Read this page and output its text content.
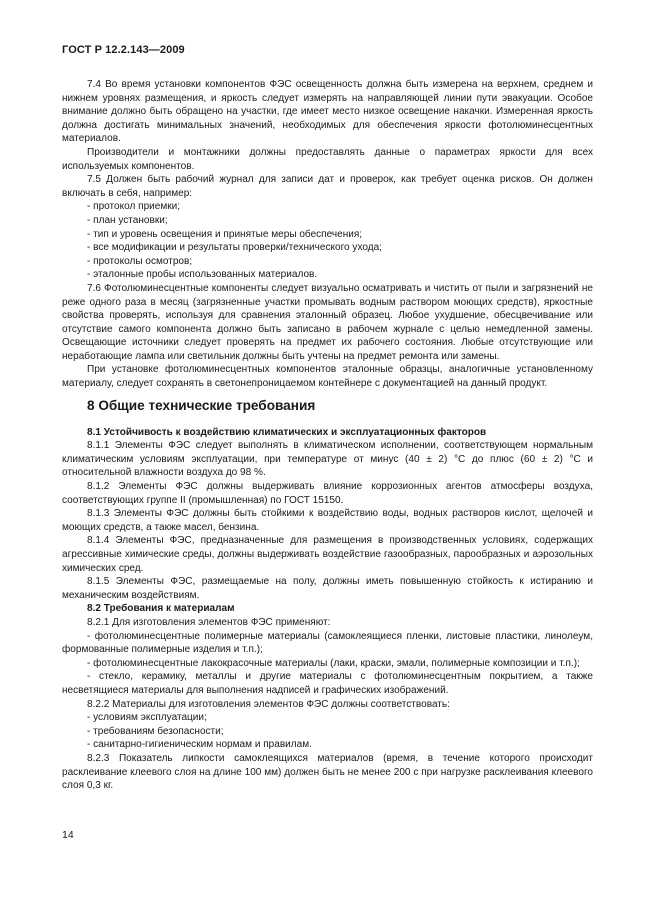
ГОСТ Р 12.2.143—2009

7.4 Во время установки компонентов ФЭС освещенность должна быть измерена на верхнем, среднем и нижнем уровнях размещения, и яркость следует измерять на направляющей линии пути эвакуации. Особое внимание должно быть обращено на участки, где имеет место низкое освещение накачки. Измеренная яркость должна достигать минимальных значений, необходимых для обеспечения яркости фотолюминесцентных материалов.

Производители и монтажники должны предоставлять данные о параметрах яркости для всех используемых компонентов.

7.5 Должен быть рабочий журнал для записи дат и проверок, как требует оценка рисков. Он должен включать в себя, например:

- протокол приемки;

- план установки;

- тип и уровень освещения и принятые меры обеспечения;

- все модификации и результаты проверки/технического ухода;

- протоколы осмотров;

- эталонные пробы использованных материалов.

7.6 Фотолюминесцентные компоненты следует визуально осматривать и чистить от пыли и загрязнений не реже одного раза в месяц (загрязненные участки промывать водным раствором моющих средств), яркостные свойства проверять, используя для сравнения эталонный образец. Любое ухудшение, обесцвечивание или отсутствие самого компонента должно быть записано в рабочем журнале с целью немедленной замены. Освещающие источники следует проверять на предмет их рабочего состояния. Любые отсутствующие или неработающие лампа или светильник должны быть учтены на предмет ремонта или замены.

При установке фотолюминесцентных компонентов эталонные образцы, аналогичные установленному материалу, следует сохранять в светонепроницаемом контейнере с документацией на данный продукт.

8 Общие технические требования

8.1 Устойчивость к воздействию климатических и эксплуатационных факторов

8.1.1 Элементы ФЭС следует выполнять в климатическом исполнении, соответствующем нормальным климатическим условиям эксплуатации, при температуре от минус (40 ± 2) °С до плюс (60 ± 2) °С и относительной влажности воздуха до 98 %.

8.1.2 Элементы ФЭС должны выдерживать влияние коррозионных агентов атмосферы воздуха, соответствующих группе II (промышленная) по ГОСТ 15150.

8.1.3 Элементы ФЭС должны быть стойкими к воздействию воды, водных растворов кислот, щелочей и моющих средств, а также масел, бензина.

8.1.4 Элементы ФЭС, предназначенные для размещения в производственных условиях, содержащих агрессивные химические среды, должны выдерживать воздействие газообразных, парообразных и аэрозольных химических сред.

8.1.5 Элементы ФЭС, размещаемые на полу, должны иметь повышенную стойкость к истиранию и механическим воздействиям.

8.2 Требования к материалам

8.2.1 Для изготовления элементов ФЭС применяют:

- фотолюминесцентные полимерные материалы (самоклеящиеся пленки, листовые пластики, линолеум, формованные полимерные изделия и т.п.);

- фотолюминесцентные лакокрасочные материалы (лаки, краски, эмали, полимерные композиции и т.п.);

- стекло, керамику, металлы и другие материалы с фотолюминесцентным покрытием, а также несветящиеся материалы для выполнения надписей и графических изображений.

8.2.2 Материалы для изготовления элементов ФЭС должны соответствовать:

- условиям эксплуатации;

- требованиям безопасности;

- санитарно-гигиеническим нормам и правилам.

8.2.3 Показатель липкости самоклеящихся материалов (время, в течение которого происходит расклеивание клеевого слоя на длине 100 мм) должен быть не менее 200 с при нагрузке расклеивания клеевого слоя 0,3 кг.

14
